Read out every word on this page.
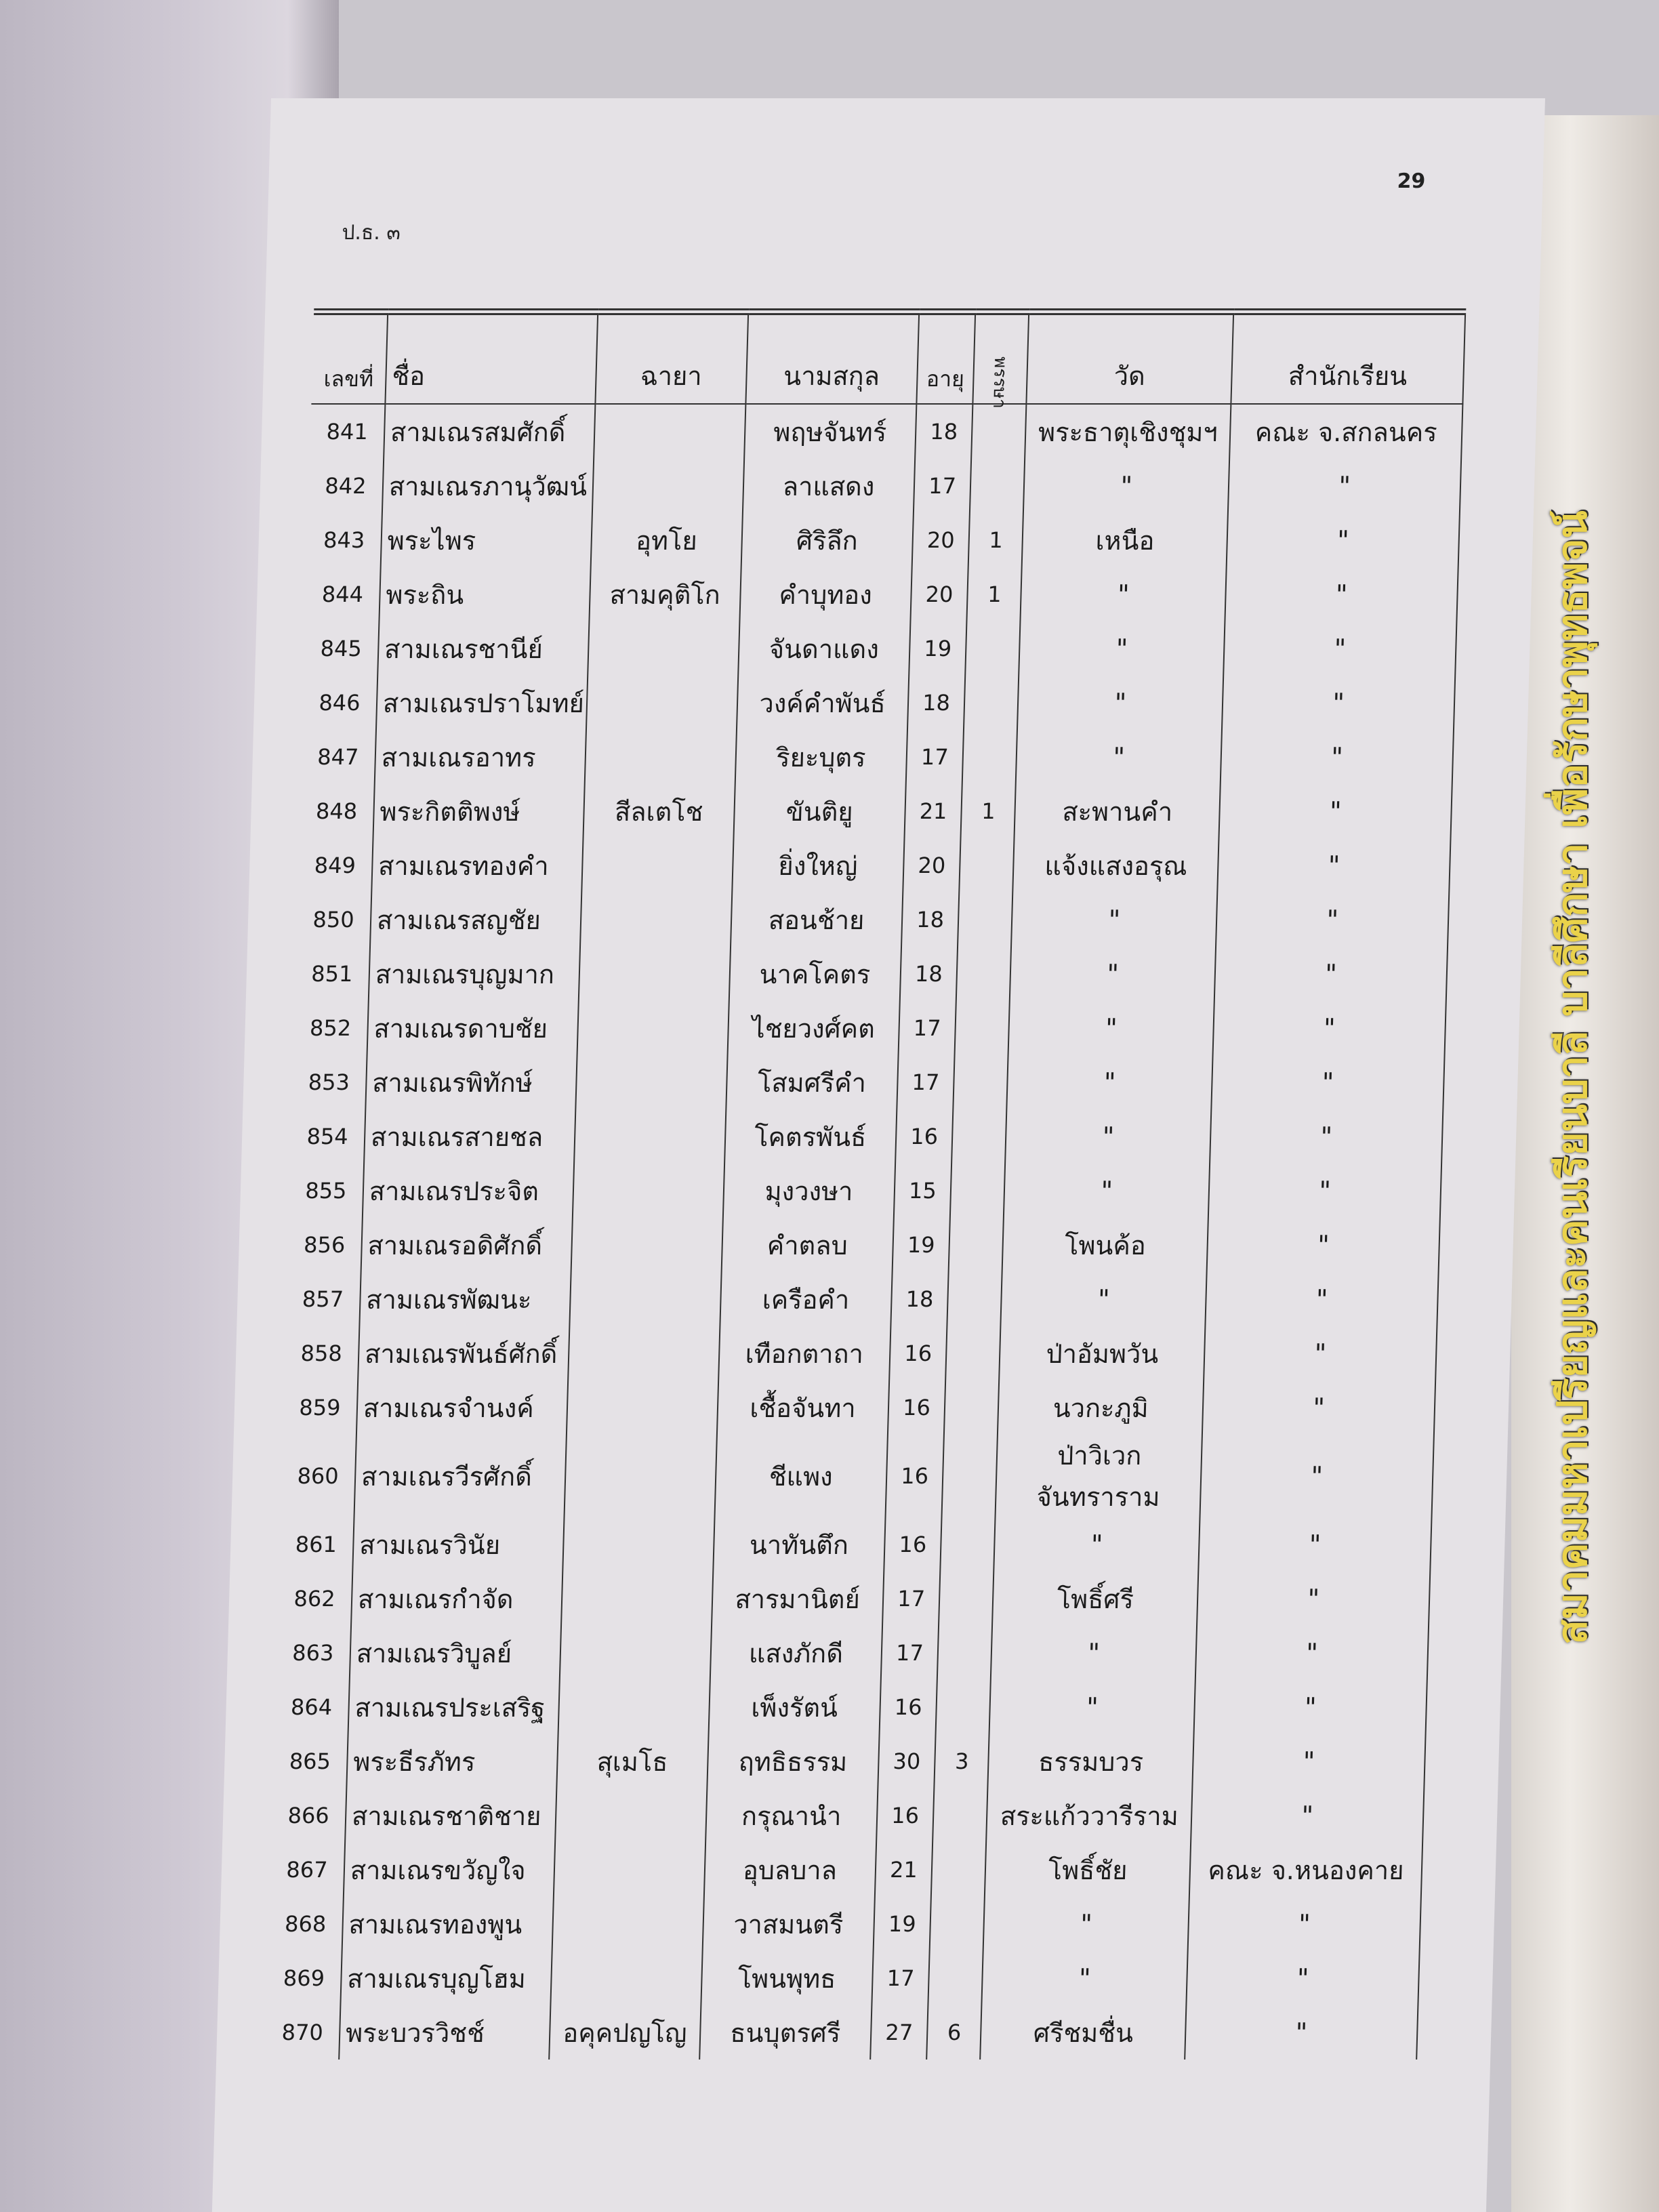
ป.ธ. ๓
29
เลขที่	ชื่อ	ฉายา	นามสกุล	อายุ	พรรษา	วัด	สำนักเรียน
841	สามเณรสมศักดิ์		พฤษจันทร์	18		พระธาตุเชิงชุมฯ	คณะ จ.สกลนคร
842	สามเณรภานุวัฒน์		ลาแสดง	17		"	"
843	พระไพร	อุทโย	ศิริลึก	20	1	เหนือ	"
844	พระถิน	สามคุติโก	คำบุทอง	20	1	"	"
845	สามเณรชานีย์		จันดาแดง	19		"	"
846	สามเณรปราโมทย์		วงค์คำพันธ์	18		"	"
847	สามเณรอาทร		ริยะบุตร	17		"	"
848	พระกิตติพงษ์	สีลเตโช	ขันติยู	21	1	สะพานคำ	"
849	สามเณรทองคำ		ยิ่งใหญ่	20		แจ้งแสงอรุณ	"
850	สามเณรสญชัย		สอนช้าย	18		"	"
851	สามเณรบุญมาก		นาคโคตร	18		"	"
852	สามเณรดาบชัย		ไชยวงศ์คต	17		"	"
853	สามเณรพิทักษ์		โสมศรีคำ	17		"	"
854	สามเณรสายชล		โคตรพันธ์	16		"	"
855	สามเณรประจิต		มุงวงษา	15		"	"
856	สามเณรอดิศักดิ์		คำตลบ	19		โพนค้อ	"
857	สามเณรพัฒนะ		เครือคำ	18		"	"
858	สามเณรพันธ์ศักดิ์		เทือกตาถา	16		ป่าอัมพวัน	"
859	สามเณรจำนงค์		เชื้อจันทา	16		นวกะภูมิ	"
860	สามเณรวีรศักดิ์		ชีแพง	16		ป่าวิเวกจันทราราม	"
861	สามเณรวินัย		นาทันตึก	16		"	"
862	สามเณรกำจัด		สารมานิตย์	17		โพธิ์ศรี	"
863	สามเณรวิบูลย์		แสงภักดี	17		"	"
864	สามเณรประเสริฐ		เพ็งรัตน์	16		"	"
865	พระธีรภัทร	สุเมโธ	ฤทธิธรรม	30	3	ธรรมบวร	"
866	สามเณรชาติชาย		กรุณานำ	16		สระแก้ววารีราม	"
867	สามเณรขวัญใจ		อุบลบาล	21		โพธิ์ชัย	คณะ จ.หนองคาย
868	สามเณรทองพูน		วาสมนตรี	19		"	"
869	สามเณรบุญโฮม		โพนพุทธ	17		"	"
870	พระบวรวิชช์	อคุคปญโญ	ธนบุตรศรี	27	6	ศรีชมชื่น	"
สมาคมมหาเปรียญและคนเรียนบาลี บาลีศึกษา เพื่อรักษาพุทธพจน์
